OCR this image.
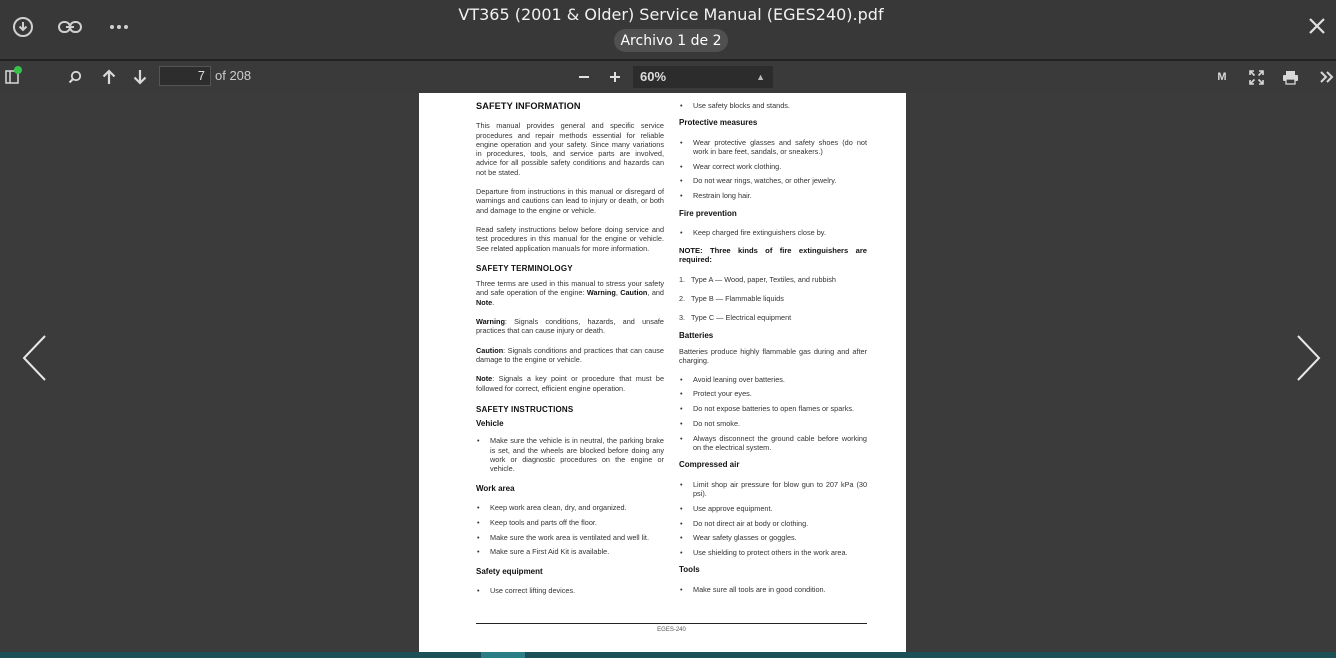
VT365 (2001 & Older) Service Manual (EGES240).pdf
Archivo 1 de 2
7 of 208	60%	▲	M
SAFETY INFORMATION
This manual provides general and specific service procedures and repair methods essential for reliable engine operation and your safety. Since many variations in procedures, tools, and service parts are involved, advice for all possible safety conditions and hazards can not be stated.
Departure from instructions in this manual or disregard of warnings and cautions can lead to injury or death, or both and damage to the engine or vehicle.
Read safety instructions below before doing service and test procedures in this manual for the engine or vehicle. See related application manuals for more information.
SAFETY TERMINOLOGY
Three terms are used in this manual to stress your safety and safe operation of the engine: Warning, Caution, and Note.
Warning: Signals conditions, hazards, and unsafe practices that can cause injury or death.
Caution: Signals conditions and practices that can cause damage to the engine or vehicle.
Note: Signals a key point or procedure that must be followed for correct, efficient engine operation.
SAFETY INSTRUCTIONS
Vehicle
•	Make sure the vehicle is in neutral, the parking brake is set, and the wheels are blocked before doing any work or diagnostic procedures on the engine or vehicle.
Work area
•	Keep work area clean, dry, and organized.
•	Keep tools and parts off the floor.
•	Make sure the work area is ventilated and well lit.
•	Make sure a First Aid Kit is available.
Safety equipment
•	Use correct lifting devices.
•	Use safety blocks and stands.
Protective measures
•	Wear protective glasses and safety shoes (do not work in bare feet, sandals, or sneakers.)
•	Wear correct work clothing.
•	Do not wear rings, watches, or other jewelry.
•	Restrain long hair.
Fire prevention
•	Keep charged fire extinguishers close by.
NOTE: Three kinds of fire extinguishers are required:
1. Type A — Wood, paper, Textiles, and rubbish
2. Type B — Flammable liquids
3. Type C — Electrical equipment
Batteries
Batteries produce highly flammable gas during and after charging.
•	Avoid leaning over batteries.
•	Protect your eyes.
•	Do not expose batteries to open flames or sparks.
•	Do not smoke.
•	Always disconnect the ground cable before working on the electrical system.
Compressed air
•	Limit shop air pressure for blow gun to 207 kPa (30 psi).
•	Use approve equipment.
•	Do not direct air at body or clothing.
•	Wear safety glasses or goggles.
•	Use shielding to protect others in the work area.
Tools
•	Make sure all tools are in good condition.
EGES-240
